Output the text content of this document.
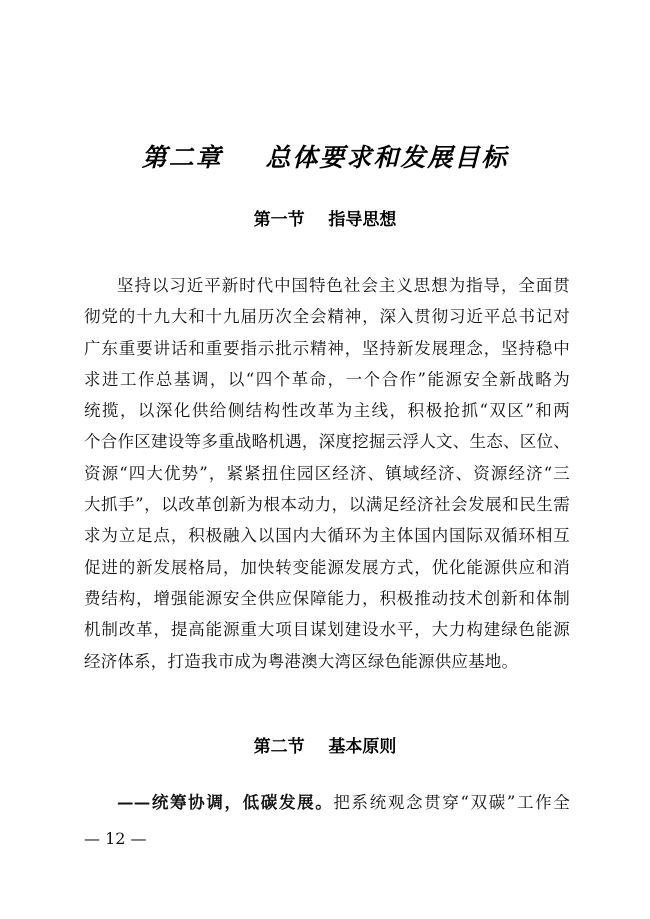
第二章    总体要求和发展目标
第一节    指导思想
坚持以习近平新时代中国特色社会主义思想为指导，全面贯
彻党的十九大和十九届历次全会精神，深入贯彻习近平总书记对
广东重要讲话和重要指示批示精神，坚持新发展理念，坚持稳中
求进工作总基调，以“四个革命，一个合作”能源安全新战略为
统揽，以深化供给侧结构性改革为主线，积极抢抓“双区”和两
个合作区建设等多重战略机遇，深度挖掘云浮人文、生态、区位、
资源“四大优势”，紧紧扭住园区经济、镇域经济、资源经济“三
大抓手”，以改革创新为根本动力，以满足经济社会发展和民生需
求为立足点，积极融入以国内大循环为主体国内国际双循环相互
促进的新发展格局，加快转变能源发展方式，优化能源供应和消
费结构，增强能源安全供应保障能力，积极推动技术创新和体制
机制改革，提高能源重大项目谋划建设水平，大力构建绿色能源
经济体系，打造我市成为粤港澳大湾区绿色能源供应基地。
第二节    基本原则
——统筹协调，低碳发展。把系统观念贯穿“双碳”工作全
— 12 —
